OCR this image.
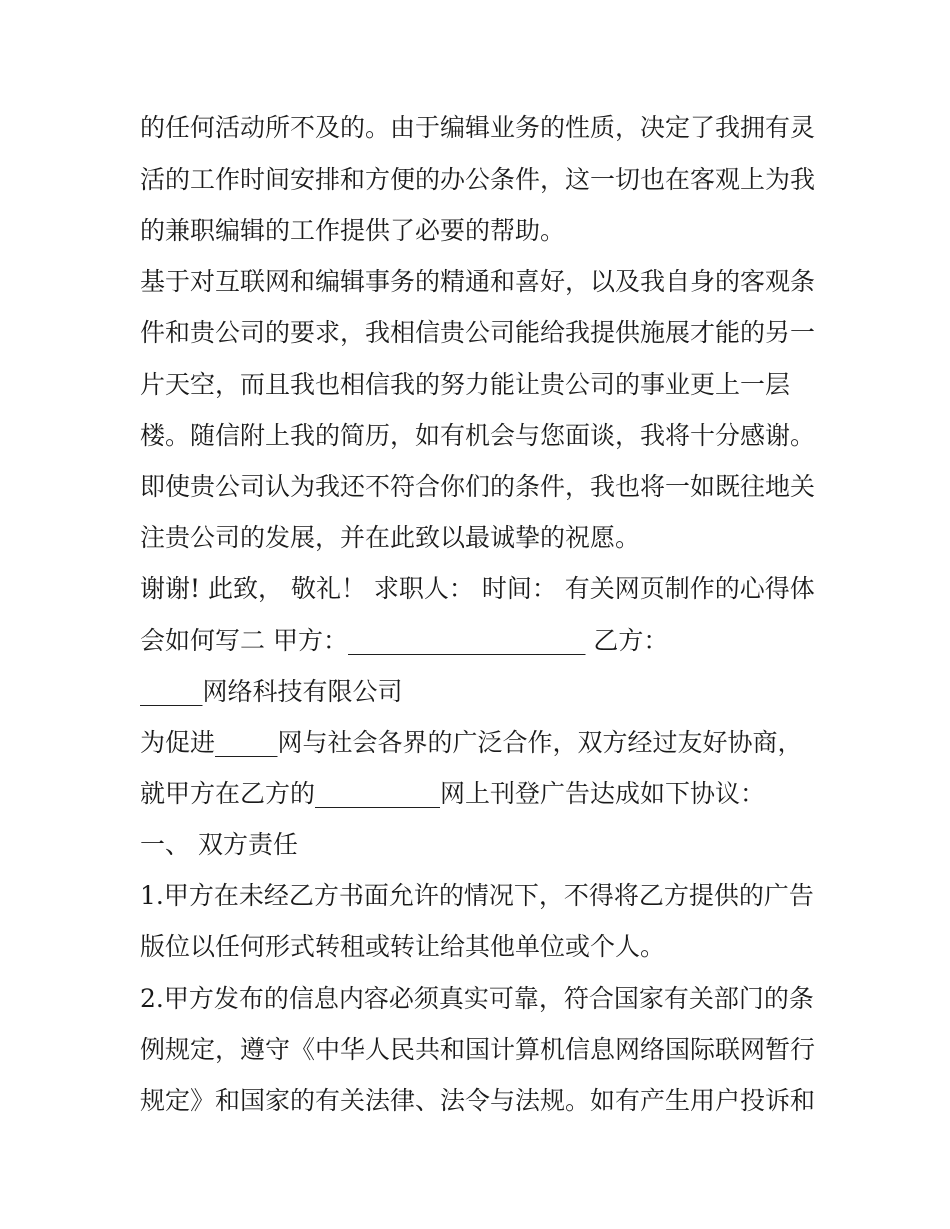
的任何活动所不及的。由于编辑业务的性质，决定了我拥有灵

活的工作时间安排和方便的办公条件，这一切也在客观上为我

的兼职编辑的工作提供了必要的帮助。

基于对互联网和编辑事务的精通和喜好，以及我自身的客观条

件和贵公司的要求，我相信贵公司能给我提供施展才能的另一

片天空，而且我也相信我的努力能让贵公司的事业更上一层

楼。随信附上我的简历，如有机会与您面谈，我将十分感谢。

即使贵公司认为我还不符合你们的条件，我也将一如既往地关

注贵公司的发展，并在此致以最诚挚的祝愿。

谢谢! 此致， 敬礼！ 求职人： 时间： 有关网页制作的心得体

会如何写二 甲方：___________________ 乙方：

_____网络科技有限公司

为促进_____网与社会各界的广泛合作，双方经过友好协商，

就甲方在乙方的__________网上刊登广告达成如下协议：

一、 双方责任

1.甲方在未经乙方书面允许的情况下，不得将乙方提供的广告

版位以任何形式转租或转让给其他单位或个人。

2.甲方发布的信息内容必须真实可靠，符合国家有关部门的条

例规定，遵守《中华人民共和国计算机信息网络国际联网暂行

规定》和国家的有关法律、法令与法规。如有产生用户投诉和
